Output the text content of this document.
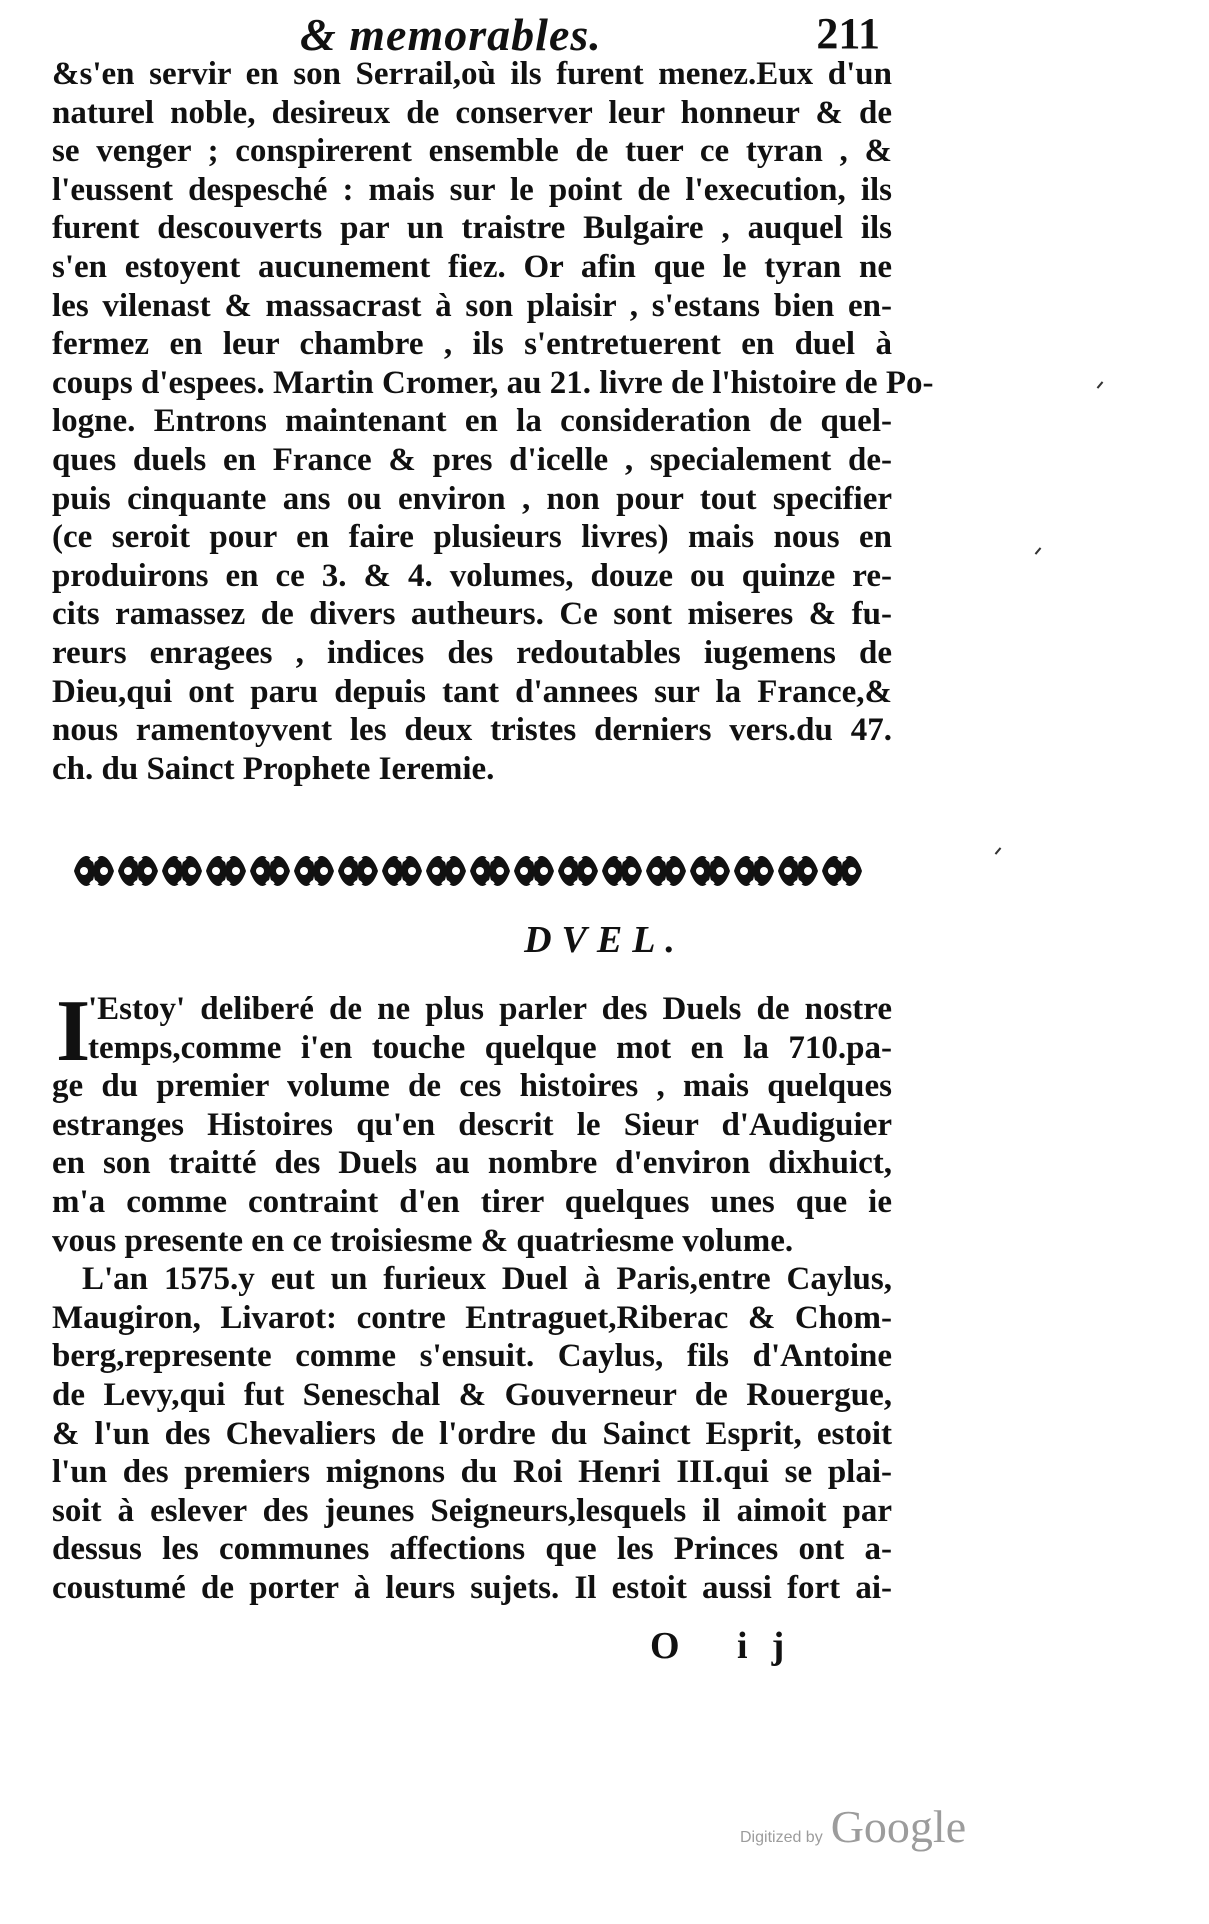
& memorables.	211
&s'en servir en son Serrail,où ils furent menez.Eux d'un
naturel noble, desireux de conserver leur honneur & de
se venger ; conspirerent ensemble de tuer ce tyran , &
l'eussent despesché : mais sur le point de l'execution, ils
furent descouverts par un traistre Bulgaire , auquel ils
s'en estoyent aucunement fiez. Or afin que le tyran ne
les vilenast & massacrast à son plaisir , s'estans bien en-
fermez en leur chambre , ils s'entretuerent en duel à
coups d'espees. Martin Cromer, au 21. livre de l'histoire de Po-
logne. Entrons maintenant en la consideration de quel-
ques duels en France & pres d'icelle , specialement de-
puis cinquante ans ou environ , non pour tout specifier
(ce seroit pour en faire plusieurs livres) mais nous en
produirons en ce 3. & 4. volumes, douze ou quinze re-
cits ramassez de divers autheurs. Ce sont miseres & fu-
reurs enragees , indices des redoutables iugemens de
Dieu,qui ont paru depuis tant d'annees sur la France,&
nous ramentoyvent les deux tristes derniers vers.du 47.
ch. du Sainct Prophete Ieremie.
DVEL.
I
'Estoy' deliberé de ne plus parler des Duels de nostre
temps,comme i'en touche quelque mot en la 710.pa-
ge du premier volume de ces histoires , mais quelques
estranges Histoires qu'en descrit le Sieur d'Audiguier
en son traitté des Duels au nombre d'environ dixhuict,
m'a comme contraint d'en tirer quelques unes que ie
vous presente en ce troisiesme & quatriesme volume.
L'an 1575.y eut un furieux Duel à Paris,entre Caylus,
Maugiron, Livarot: contre Entraguet,Riberac & Chom-
berg,represente comme s'ensuit. Caylus, fils d'Antoine
de Levy,qui fut Seneschal & Gouverneur de Rouergue,
& l'un des Chevaliers de l'ordre du Sainct Esprit, estoit
l'un des premiers mignons du Roi Henri III.qui se plai-
soit à eslever des jeunes Seigneurs,lesquels il aimoit par
dessus les communes affections que les Princes ont a-
coustumé de porter à leurs sujets. Il estoit aussi fort ai-
O ij
Digitized by Google
